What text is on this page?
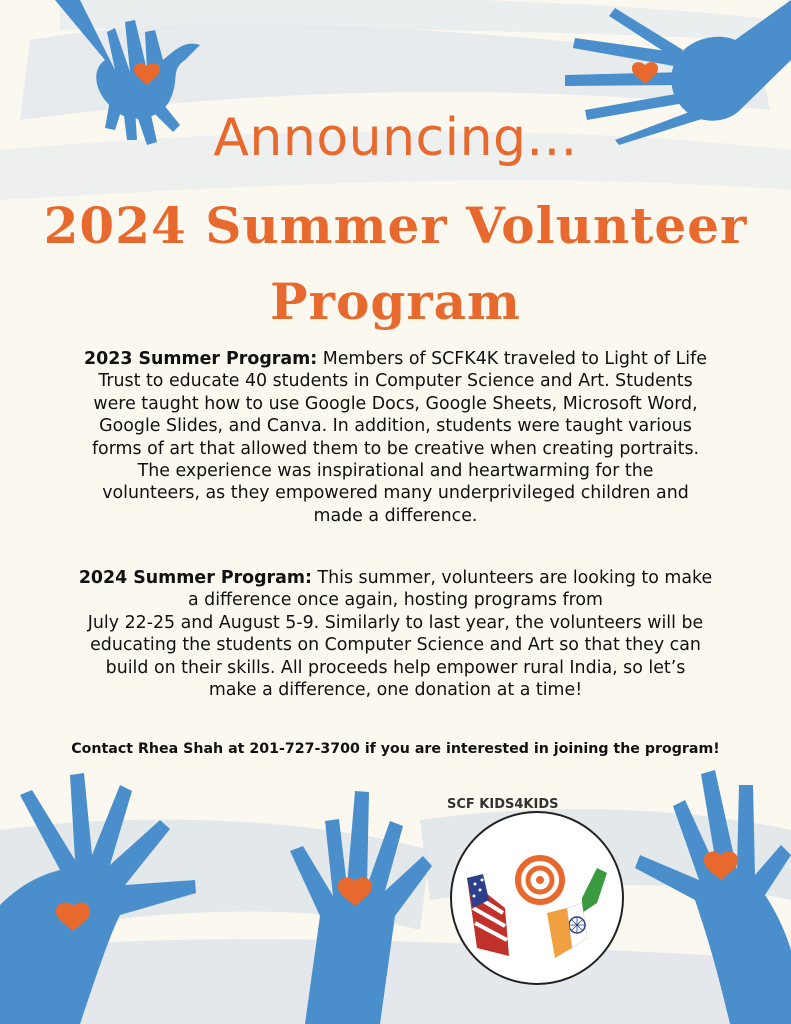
Announcing...
2024 Summer Volunteer
Program
2023 Summer Program: Members of SCFK4K traveled to Light of Life
Trust to educate 40 students in Computer Science and Art. Students
were taught how to use Google Docs, Google Sheets, Microsoft Word,
Google Slides, and Canva. In addition, students were taught various
forms of art that allowed them to be creative when creating portraits.
The experience was inspirational and heartwarming for the
volunteers, as they empowered many underprivileged children and
made a difference.
2024 Summer Program: This summer, volunteers are looking to make
a difference once again, hosting programs from
July 22-25 and August 5-9. Similarly to last year, the volunteers will be
educating the students on Computer Science and Art so that they can
build on their skills. All proceeds help empower rural India, so let’s
make a difference, one donation at a time!
Contact Rhea Shah at 201-727-3700 if you are interested in joining the program!
SCF KIDS4KIDS
